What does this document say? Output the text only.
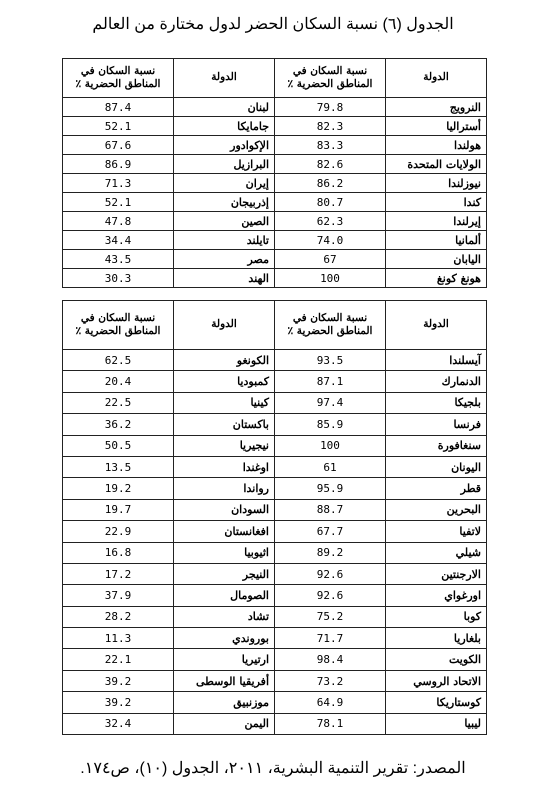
الجدول (٦) نسبة السكان الحضر لدول مختارة من العالم
الدولة	نسبة السكان في المناطق الحضرية ٪	الدولة	نسبة السكان في المناطق الحضرية ٪
النرويج	79.8	لبنان	87.4
أستراليا	82.3	جامايكا	52.1
هولندا	83.3	الإكوادور	67.6
الولايات المتحدة	82.6	البرازيل	86.9
نيوزلندا	86.2	إيران	71.3
كندا	80.7	إذربيجان	52.1
إيرلندا	62.3	الصين	47.8
ألمانيا	74.0	تايلند	34.4
اليابان	67	مصر	43.5
هونغ كونغ	100	الهند	30.3
الدولة	نسبة السكان في المناطق الحضرية ٪	الدولة	نسبة السكان في المناطق الحضرية ٪
آيسلندا	93.5	الكونغو	62.5
الدنمارك	87.1	كمبوديا	20.4
بلجيكا	97.4	كينيا	22.5
فرنسا	85.9	باكستان	36.2
سنغافورة	100	نيجيريا	50.5
اليونان	61	اوغندا	13.5
قطر	95.9	رواندا	19.2
البحرين	88.7	السودان	19.7
لاتفيا	67.7	افغانستان	22.9
شيلي	89.2	اثيوبيا	16.8
الارجنتين	92.6	النيجر	17.2
اورغواي	92.6	الصومال	37.9
كوبا	75.2	تشاد	28.2
بلغاريا	71.7	بوروندي	11.3
الكويت	98.4	ارتيريا	22.1
الاتحاد الروسي	73.2	أفريقيا الوسطى	39.2
كوستاريكا	64.9	موزنبيق	39.2
ليبيا	78.1	اليمن	32.4
المصدر: تقرير التنمية البشرية، ٢٠١١، الجدول (١٠)، ص١٧٤.
